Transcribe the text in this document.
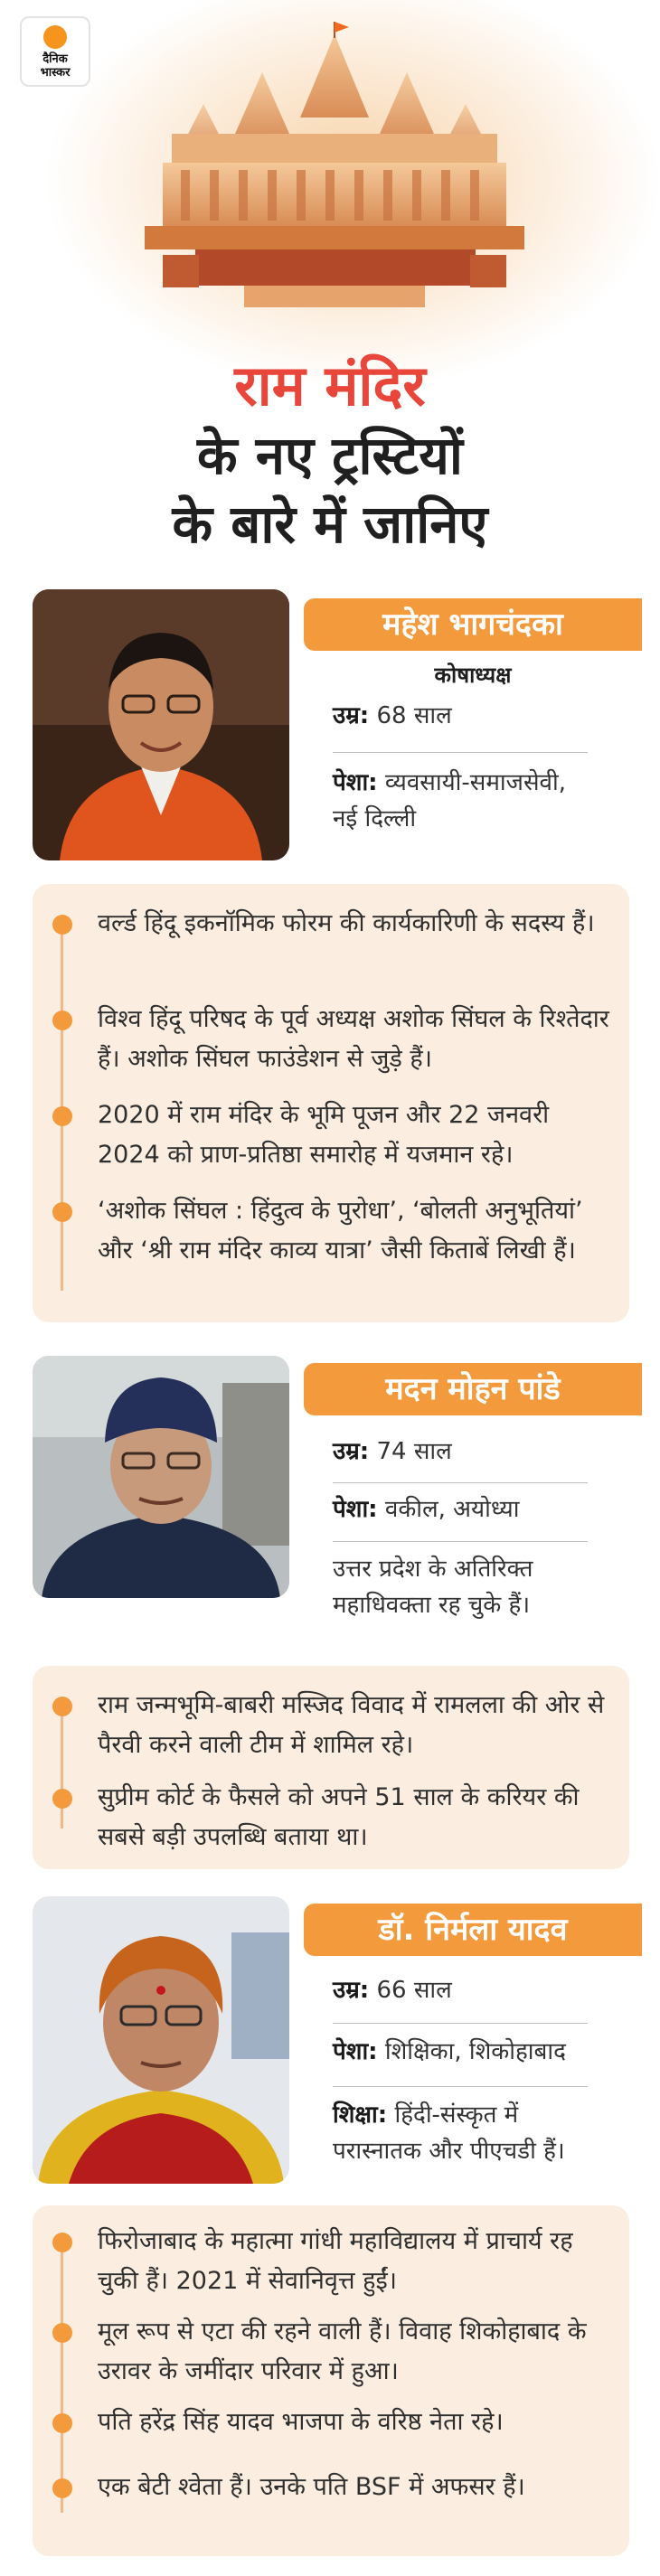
दैनिक
भास्कर
राम मंदिर
के नए ट्रस्टियों
के बारे में जानिए
महेश भागचंदका
कोषाध्यक्ष
उम्र: 68 साल
पेशा: व्यवसायी-समाजसेवी, नई दिल्ली
वर्ल्ड हिंदू इकनॉमिक फोरम की कार्यकारिणी के सदस्य हैं।
विश्व हिंदू परिषद के पूर्व अध्यक्ष अशोक सिंघल के रिश्तेदार हैं। अशोक सिंघल फाउंडेशन से जुड़े हैं।
2020 में राम मंदिर के भूमि पूजन और 22 जनवरी 2024 को प्राण-प्रतिष्ठा समारोह में यजमान रहे।
‘अशोक सिंघल : हिंदुत्व के पुरोधा’, ‘बोलती अनुभूतियां’ और ‘श्री राम मंदिर काव्य यात्रा’ जैसी किताबें लिखी हैं।
मदन मोहन पांडे
उम्र: 74 साल
पेशा: वकील, अयोध्या
उत्तर प्रदेश के अतिरिक्त महाधिवक्ता रह चुके हैं।
राम जन्मभूमि-बाबरी मस्जिद विवाद में रामलला की ओर से पैरवी करने वाली टीम में शामिल रहे।
सुप्रीम कोर्ट के फैसले को अपने 51 साल के करियर की सबसे बड़ी उपलब्धि बताया था।
डॉ. निर्मला यादव
उम्र: 66 साल
पेशा: शिक्षिका, शिकोहाबाद
शिक्षा: हिंदी-संस्कृत में परास्नातक और पीएचडी हैं।
फिरोजाबाद के महात्मा गांधी महाविद्यालय में प्राचार्य रह चुकी हैं। 2021 में सेवानिवृत्त हुईं।
मूल रूप से एटा की रहने वाली हैं। विवाह शिकोहाबाद के उरावर के जमींदार परिवार में हुआ।
पति हरेंद्र सिंह यादव भाजपा के वरिष्ठ नेता रहे।
एक बेटी श्वेता हैं। उनके पति BSF में अफसर हैं।
